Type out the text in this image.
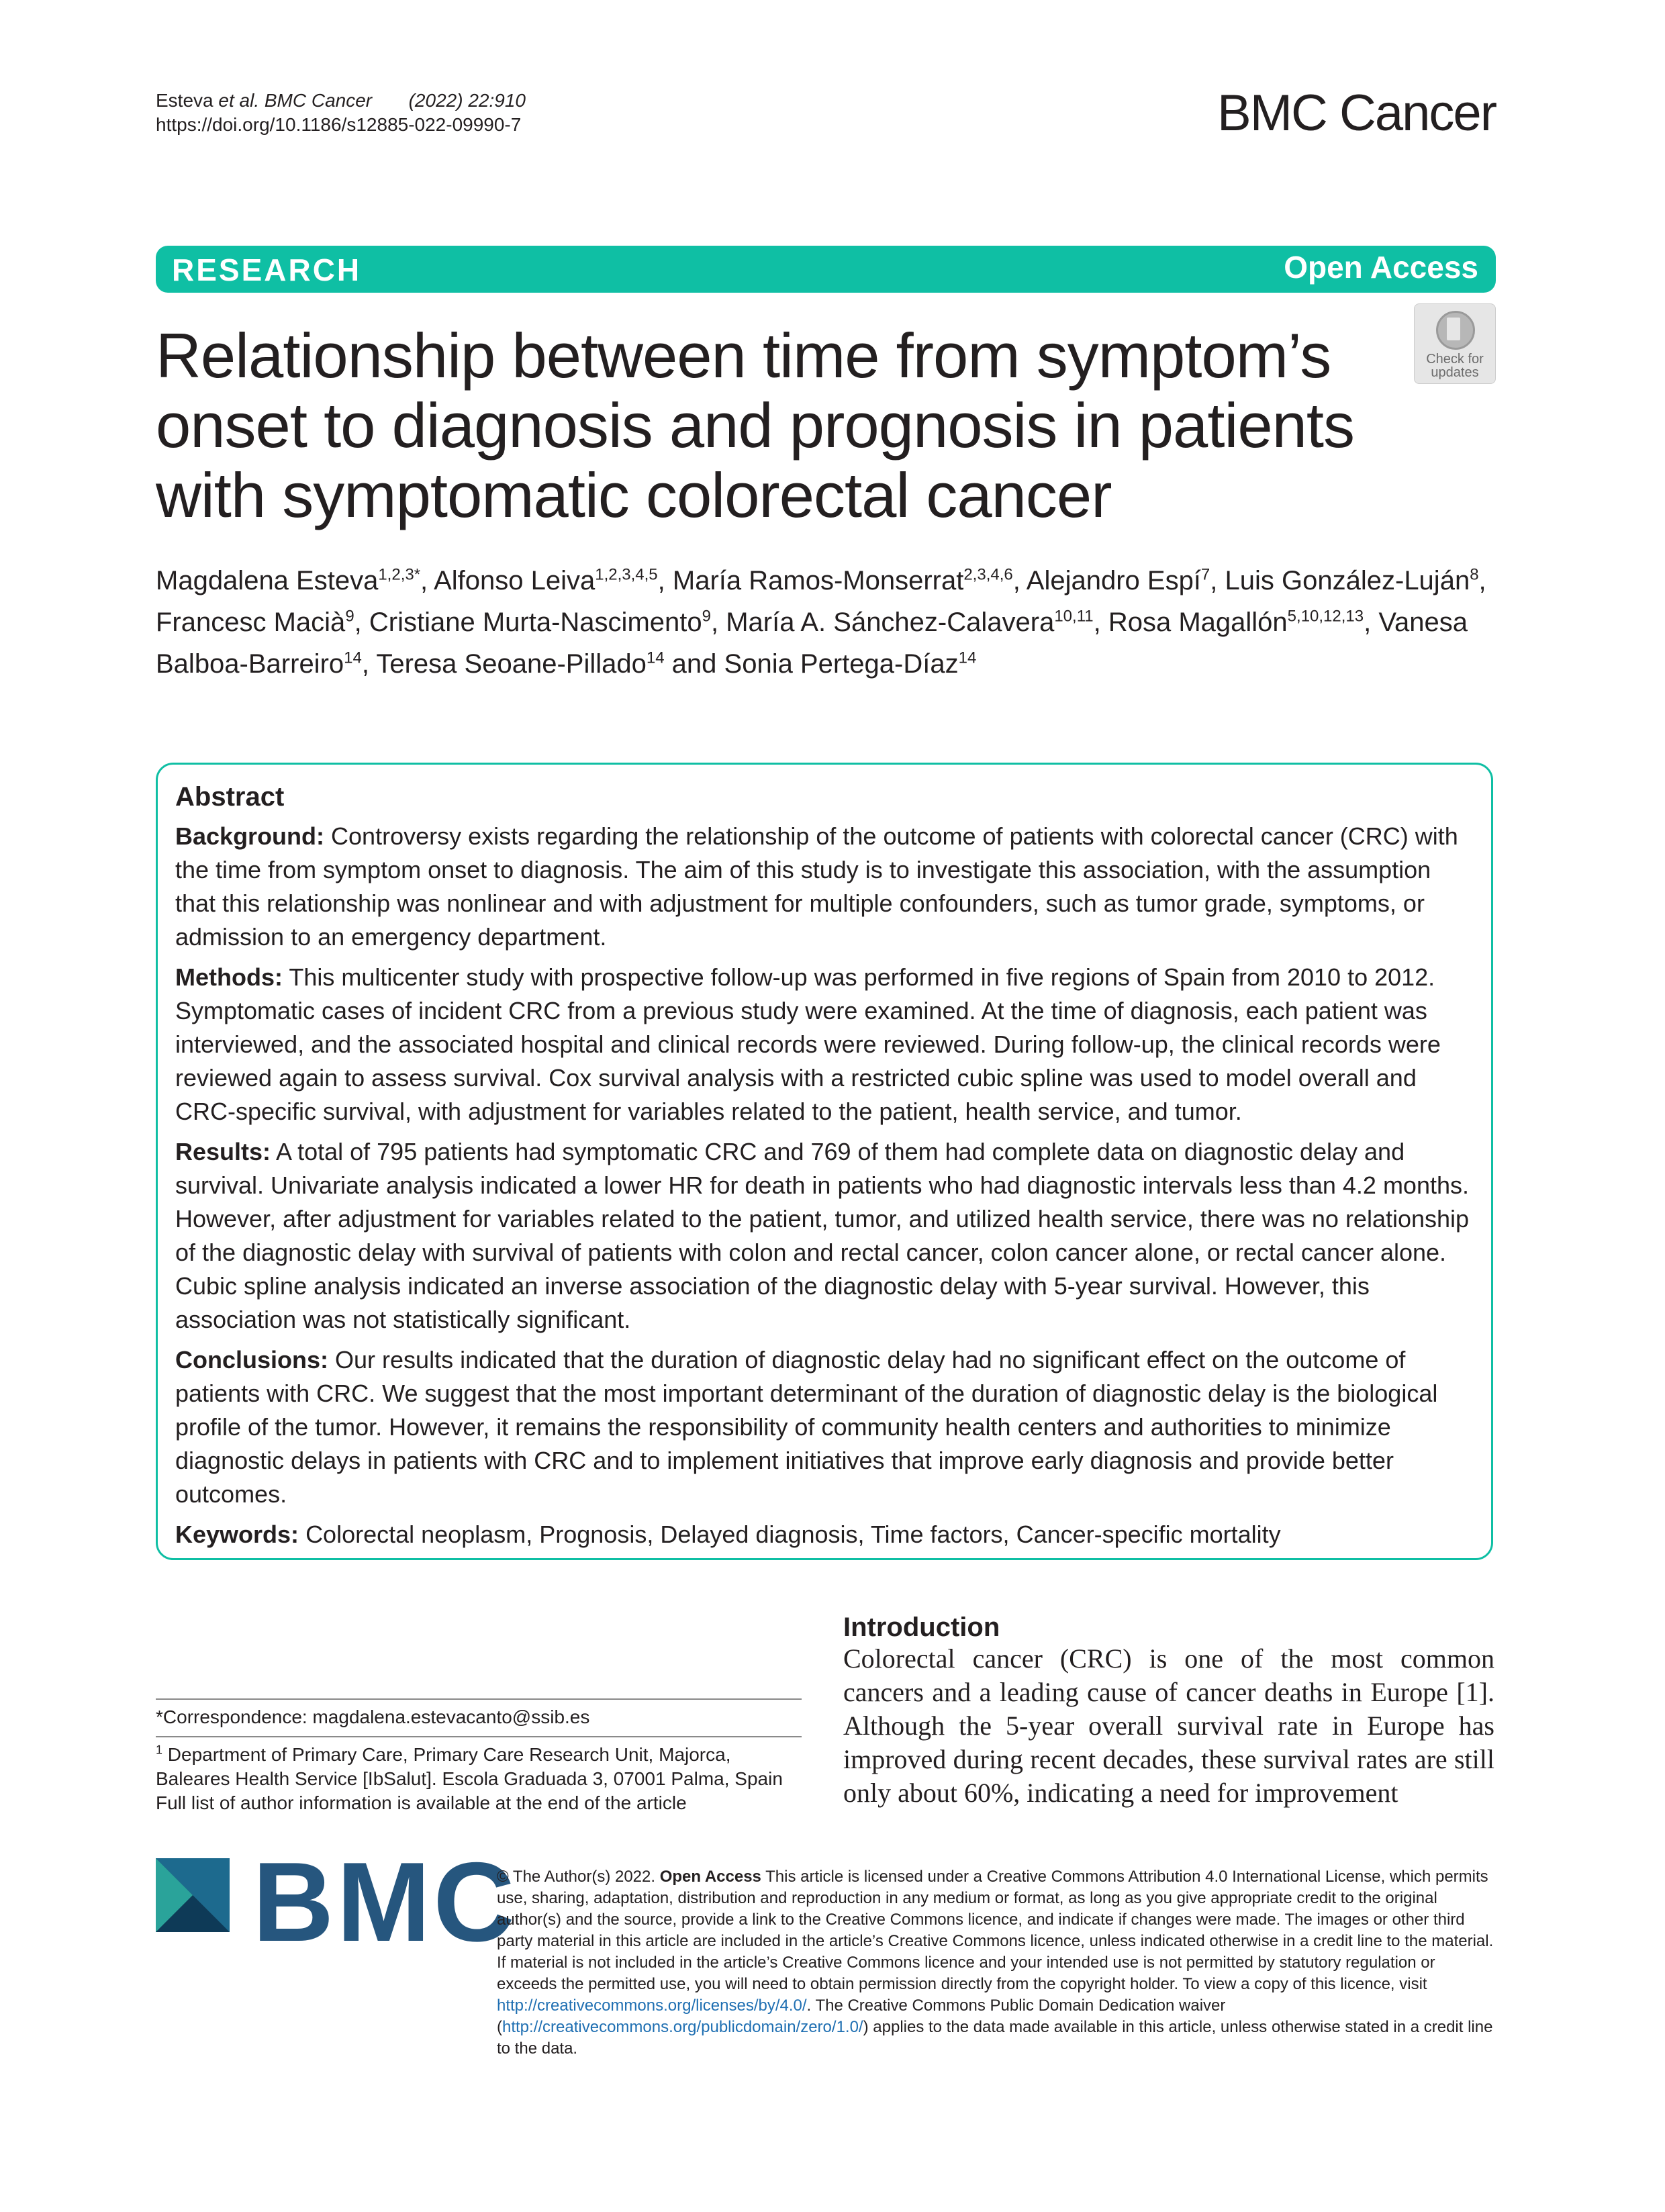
Esteva et al. BMC Cancer (2022) 22:910
https://doi.org/10.1186/s12885-022-09990-7	BMC Cancer
RESEARCH	Open Access
Check for
updates
Relationship between time from symptom’s onset to diagnosis and prognosis in patients with symptomatic colorectal cancer
Magdalena Esteva$^{1,2,3*}$, Alfonso Leiva$^{1,2,3,4,5}$, María Ramos‑Monserrat$^{2,3,4,6}$, Alejandro Espí$^7$, Luis González‑Luján$^8$, Francesc Macià$^9$, Cristiane Murta‑Nascimento$^9$, María A. Sánchez‑Calavera$^{10,11}$, Rosa Magallón$^{5,10,12,13}$, Vanesa Balboa‑Barreiro$^{14}$, Teresa Seoane‑Pillado$^{14}$ and Sonia Pertega‑Díaz$^{14}$
Abstract

Background: Controversy exists regarding the relationship of the outcome of patients with colorectal cancer (CRC) with the time from symptom onset to diagnosis. The aim of this study is to investigate this association, with the assumption that this relationship was nonlinear and with adjustment for multiple confounders, such as tumor grade, symptoms, or admission to an emergency department.

Methods: This multicenter study with prospective follow-up was performed in five regions of Spain from 2010 to 2012. Symptomatic cases of incident CRC from a previous study were examined. At the time of diagnosis, each patient was interviewed, and the associated hospital and clinical records were reviewed. During follow-up, the clinical records were reviewed again to assess survival. Cox survival analysis with a restricted cubic spline was used to model overall and CRC-specific survival, with adjustment for variables related to the patient, health service, and tumor.

Results: A total of 795 patients had symptomatic CRC and 769 of them had complete data on diagnostic delay and survival. Univariate analysis indicated a lower HR for death in patients who had diagnostic intervals less than 4.2 months. However, after adjustment for variables related to the patient, tumor, and utilized health service, there was no relationship of the diagnostic delay with survival of patients with colon and rectal cancer, colon cancer alone, or rectal cancer alone. Cubic spline analysis indicated an inverse association of the diagnostic delay with 5-year survival. However, this association was not statistically significant.

Conclusions: Our results indicated that the duration of diagnostic delay had no significant effect on the outcome of patients with CRC. We suggest that the most important determinant of the duration of diagnostic delay is the biological profile of the tumor. However, it remains the responsibility of community health centers and authorities to minimize diagnostic delays in patients with CRC and to implement initiatives that improve early diagnosis and provide better outcomes.

Keywords: Colorectal neoplasm, Prognosis, Delayed diagnosis, Time factors, Cancer-specific mortality

*Correspondence: magdalena.estevacanto@ssib.es
$^1$ Department of Primary Care, Primary Care Research Unit, Majorca, Baleares Health Service [IbSalut]. Escola Graduada 3, 07001 Palma, Spain
Full list of author information is available at the end of the article
Introduction
Colorectal cancer (CRC) is one of the most common cancers and a leading cause of cancer deaths in Europe [1]. Although the 5-year overall survival rate in Europe has improved during recent decades, these survival rates are still only about 60%, indicating a need for improvement
BMC
© The Author(s) 2022. Open Access This article is licensed under a Creative Commons Attribution 4.0 International License, which permits use, sharing, adaptation, distribution and reproduction in any medium or format, as long as you give appropriate credit to the original author(s) and the source, provide a link to the Creative Commons licence, and indicate if changes were made. The images or other third party material in this article are included in the article’s Creative Commons licence, unless indicated otherwise in a credit line to the material. If material is not included in the article’s Creative Commons licence and your intended use is not permitted by statutory regulation or exceeds the permitted use, you will need to obtain permission directly from the copyright holder. To view a copy of this licence, visit http://creativecommons.org/licenses/by/4.0/. The Creative Commons Public Domain Dedication waiver (http://creativecommons.org/publicdomain/zero/1.0/) applies to the data made available in this article, unless otherwise stated in a credit line to the data.
